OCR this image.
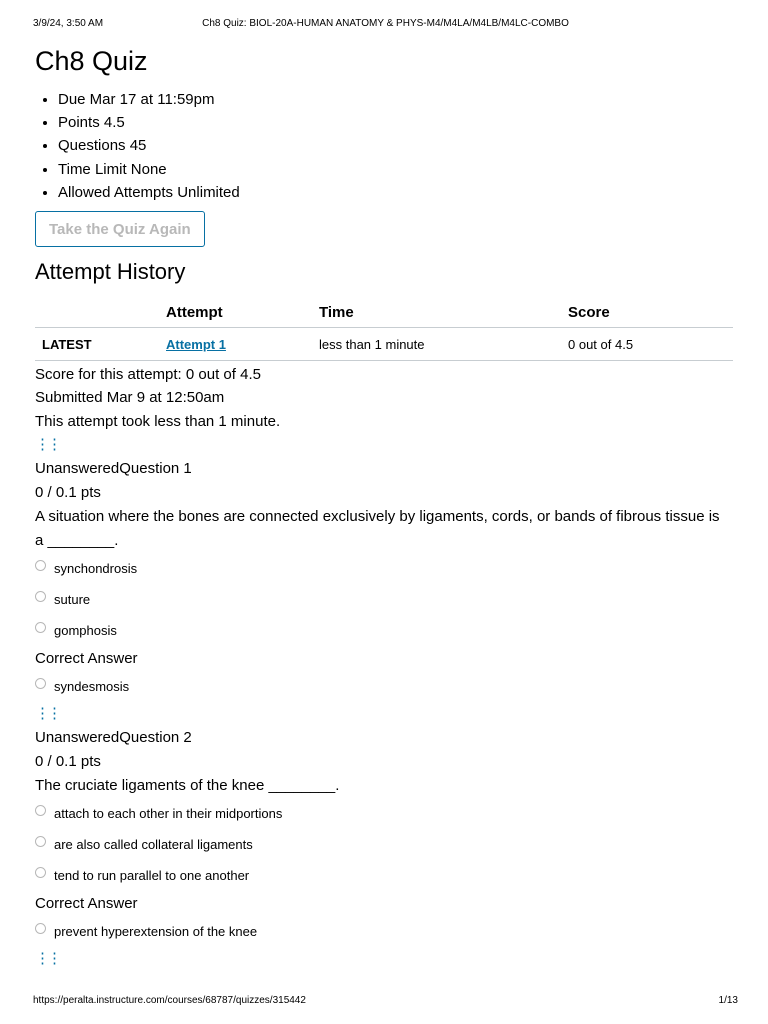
3/9/24, 3:50 AM	Ch8 Quiz: BIOL-20A-HUMAN ANATOMY & PHYS-M4/M4LA/M4LB/M4LC-COMBO
Ch8 Quiz
• Due Mar 17 at 11:59pm
• Points 4.5
• Questions 45
• Time Limit None
• Allowed Attempts Unlimited
Take the Quiz Again
Attempt History
	Attempt	Time	Score
LATEST	Attempt 1	less than 1 minute	0 out of 4.5
Score for this attempt: 0 out of 4.5
Submitted Mar 9 at 12:50am
This attempt took less than 1 minute.
⋮⋮
UnansweredQuestion 1
0 / 0.1 pts
A situation where the bones are connected exclusively by ligaments, cords, or bands of fibrous tissue is
a ________.
synchondrosis
suture
gomphosis
Correct Answer
syndesmosis
⋮⋮
UnansweredQuestion 2
0 / 0.1 pts
The cruciate ligaments of the knee ________.
attach to each other in their midportions
are also called collateral ligaments
tend to run parallel to one another
Correct Answer
prevent hyperextension of the knee
⋮⋮
https://peralta.instructure.com/courses/68787/quizzes/315442	1/13
